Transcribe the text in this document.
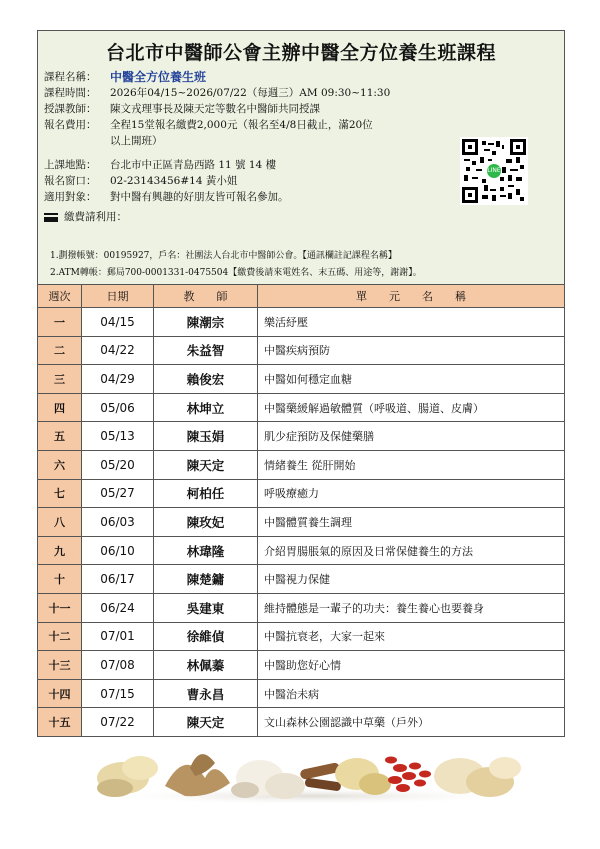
台北市中醫師公會主辦中醫全方位養生班課程
課程名稱：	中醫全方位養生班
課程時間：	2026年04/15~2026/07/22（每週三）AM 09:30~11:30
授課教師：	陳文戎理事長及陳天定等數名中醫師共同授課
報名費用：	全程15堂報名繳費2,000元（報名至4/8日截止，滿20位
以上開班）
上課地點：	台北市中正區青島西路 11 號 14 樓
報名窗口：	02-23143456#14 黃小姐
適用對象：	對中醫有興趣的好朋友皆可報名參加。
繳費請利用：
1.劃撥帳號：00195927，戶名：社團法人台北市中醫師公會。【通訊欄註記課程名稱】
2.ATM轉帳：郵局700-0001331-0475504【繳費後請來電姓名、末五碼、用途等，謝謝】。
LINE
週次	日期	教　　師	單　　元　　名　　稱
一	04/15	陳潮宗	樂活紓壓
二	04/22	朱益智	中醫疾病預防
三	04/29	賴俊宏	中醫如何穩定血糖
四	05/06	林坤立	中醫藥緩解過敏體質（呼吸道、腸道、皮膚）
五	05/13	陳玉娟	肌少症預防及保健藥膳
六	05/20	陳天定	情緒養生 從肝開始
七	05/27	柯柏任	呼吸療癒力
八	06/03	陳玫妃	中醫體質養生調理
九	06/10	林瑋隆	介紹胃腸脹氣的原因及日常保健養生的方法
十	06/17	陳楚鏞	中醫視力保健
十一	06/24	吳建東	維持體態是一輩子的功夫：養生養心也要養身
十二	07/01	徐維偵	中醫抗衰老，大家一起來
十三	07/08	林佩蓁	中醫助您好心情
十四	07/15	曹永昌	中醫治未病
十五	07/22	陳天定	文山森林公園認識中草藥（戶外）
